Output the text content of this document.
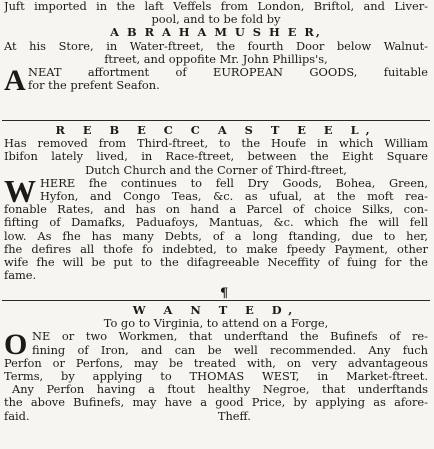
Juft imported in the laft Veffels from London, Briftol, and Liver-
pool, and to be fold by
A B R A H A M U S H E R,
At his Store, in Water-ftreet, the fourth Door below Walnut-
ftreet, and oppofite Mr. John Phillips's,
A NEAT affortment of EUROPEAN GOODS, fuitable
for the prefent Seafon.
R E B E C C A S T E E L,
Has removed from Third-ftreet, to the Houfe in which William
Ibifon lately lived, in Race-ftreet, between the Eight Square
Dutch Church and the Corner of Third-ftreet,
W HERE fhe continues to fell Dry Goods, Bohea, Green,
Hyfon, and Congo Teas, &c. as ufual, at the moft rea-
fonable Rates, and has on hand a Parcel of choice Silks, con-
fifting of Damafks, Paduafoys, Mantuas, &c. which fhe will fell
low. As fhe has many Debts, of a long ftanding, due to her,
fhe defires all thofe fo indebted, to make fpeedy Payment, other
wife fhe will be put to the difagreeable Neceffity of fuing for the
fame.
¶
W A N T E D,
To go to Virginia, to attend on a Forge,
O NE or two Workmen, that underftand the Bufinefs of re-
fining of Iron, and can be well recommended. Any fuch
Perfon or Perfons, may be treated with, on very advantageous
Terms, by applying to THOMAS WEST, in Market-ftreet.
Any Perfon having a ftout healthy Negroe, that underftands
the above Bufinefs, may have a good Price, by applying as afore-
faid.                                                    Theff.
